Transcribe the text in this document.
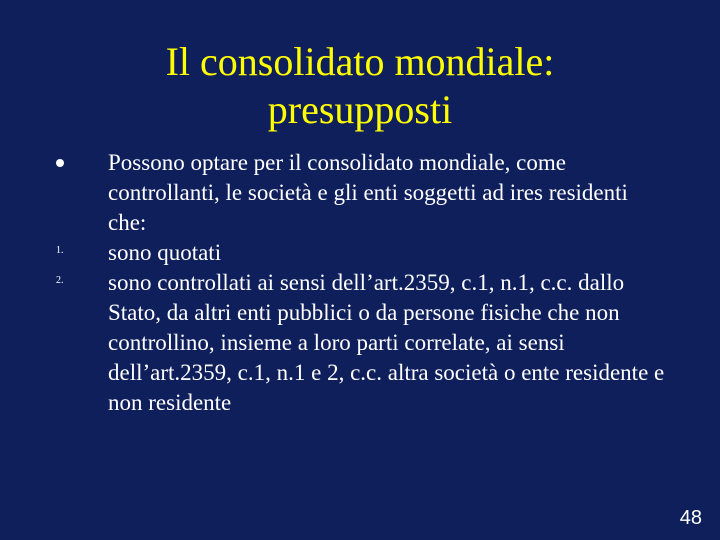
Il consolidato mondiale:
presupposti
Possono optare per il consolidato mondiale, come controllanti, le società e gli enti soggetti ad ires residenti che:
1. sono quotati
2. sono controllati ai sensi dell’art.2359, c.1, n.1, c.c. dallo Stato, da altri enti pubblici o da persone fisiche che non controllino, insieme a loro parti correlate, ai sensi dell’art.2359, c.1, n.1 e 2, c.c. altra società o ente residente e non residente
48
